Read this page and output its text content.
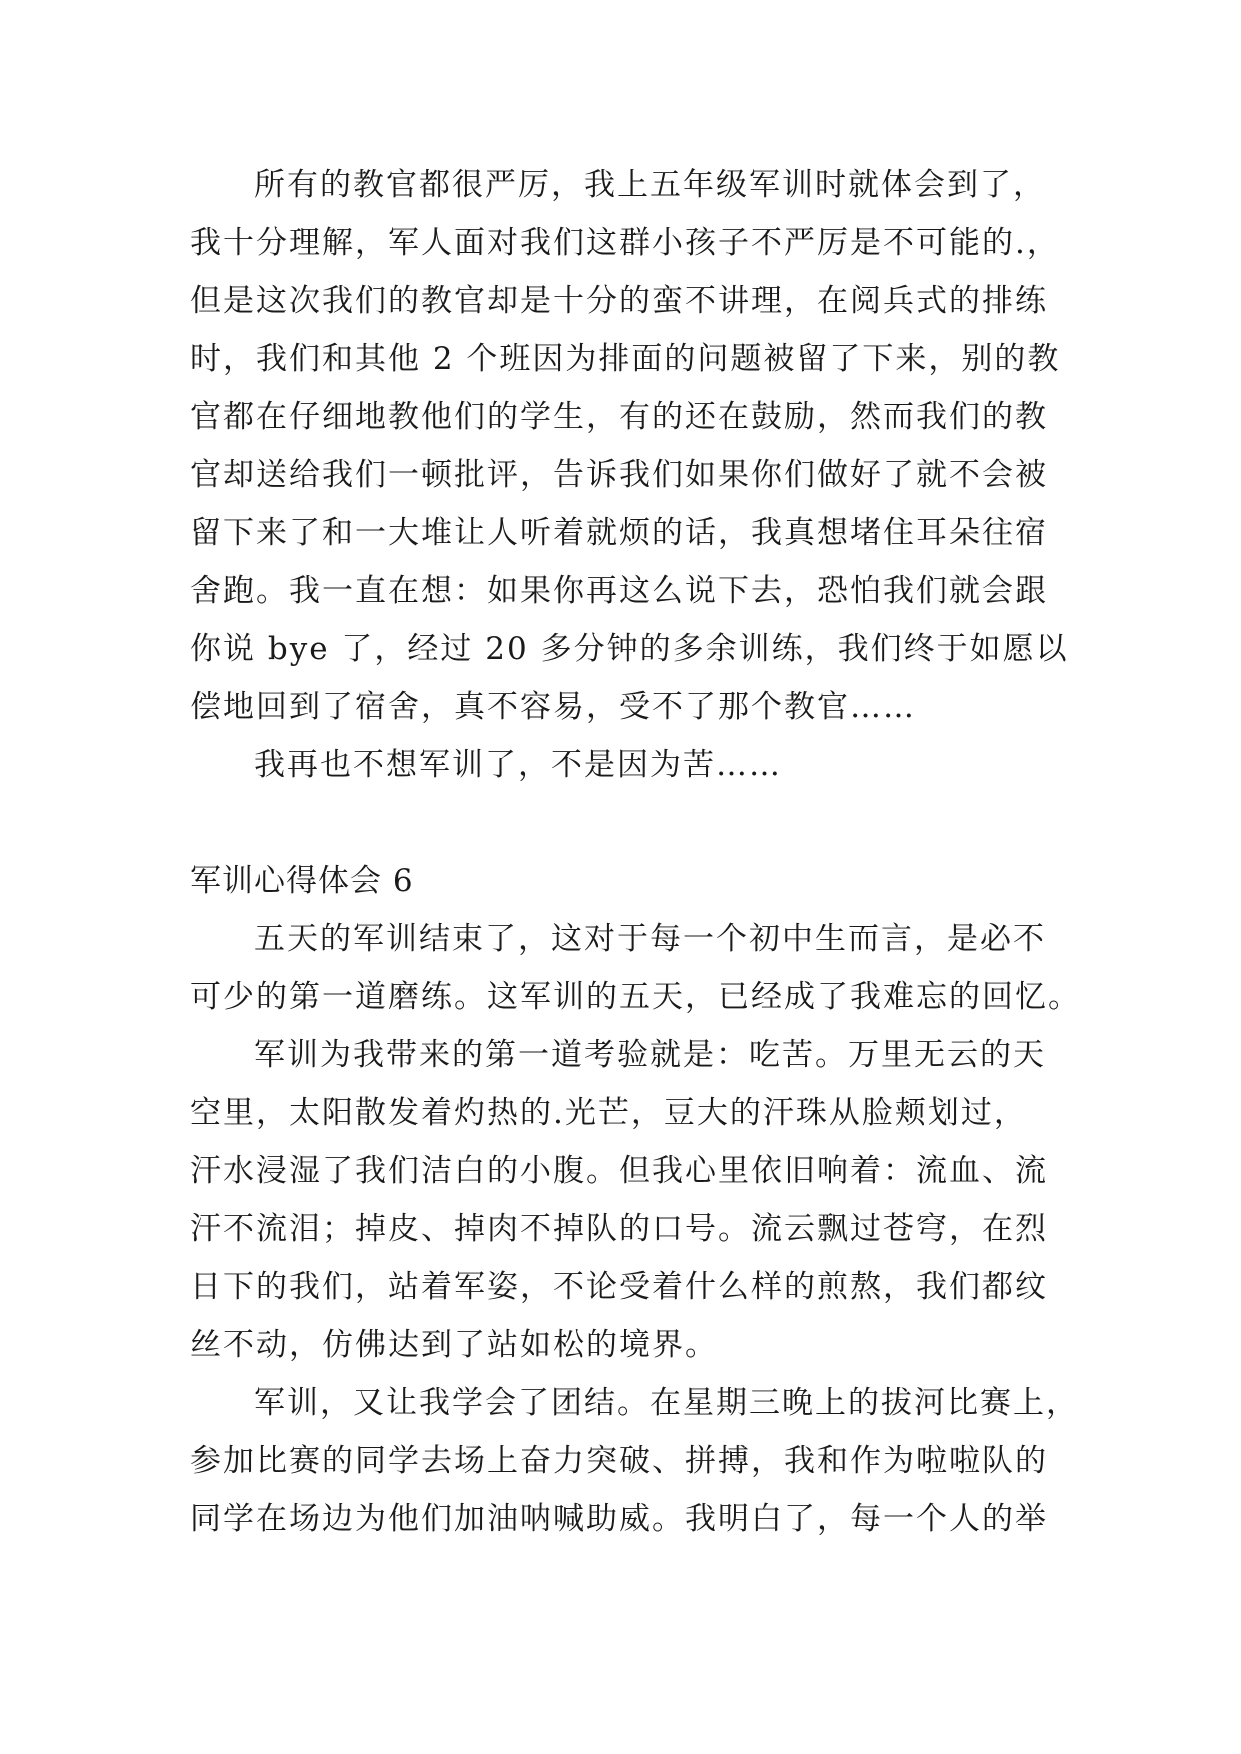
所有的教官都很严厉，我上五年级军训时就体会到了，
我十分理解，军人面对我们这群小孩子不严厉是不可能的.，
但是这次我们的教官却是十分的蛮不讲理，在阅兵式的排练
时，我们和其他 2 个班因为排面的问题被留了下来，别的教
官都在仔细地教他们的学生，有的还在鼓励，然而我们的教
官却送给我们一顿批评，告诉我们如果你们做好了就不会被
留下来了和一大堆让人听着就烦的话，我真想堵住耳朵往宿
舍跑。我一直在想：如果你再这么说下去，恐怕我们就会跟
你说 bye 了，经过 20 多分钟的多余训练，我们终于如愿以
偿地回到了宿舍，真不容易，受不了那个教官……
我再也不想军训了，不是因为苦……
军训心得体会 6
五天的军训结束了，这对于每一个初中生而言，是必不
可少的第一道磨练。这军训的五天，已经成了我难忘的回忆。
军训为我带来的第一道考验就是：吃苦。万里无云的天
空里，太阳散发着灼热的.光芒，豆大的汗珠从脸颊划过，
汗水浸湿了我们洁白的小腹。但我心里依旧响着：流血、流
汗不流泪；掉皮、掉肉不掉队的口号。流云飘过苍穹，在烈
日下的我们，站着军姿，不论受着什么样的煎熬，我们都纹
丝不动，仿佛达到了站如松的境界。
军训，又让我学会了团结。在星期三晚上的拔河比赛上，
参加比赛的同学去场上奋力突破、拼搏，我和作为啦啦队的
同学在场边为他们加油呐喊助威。我明白了，每一个人的举
